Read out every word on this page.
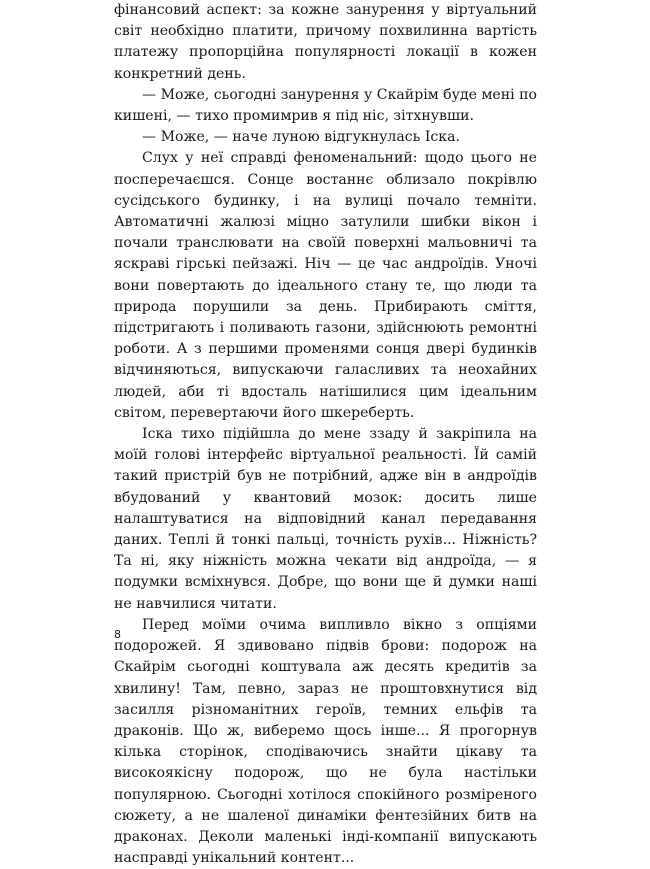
фінансовий аспект: за кожне занурення у віртуальний світ необхідно платити, причому похвилинна вартість платежу пропорційна популярності локації в кожен конкретний день.

— Може, сьогодні занурення у Скайрім буде мені по кишені, — тихо промимрив я під ніс, зітхнувши.

— Може, — наче луною відгукнулась Іска.

Слух у неї справді феноменальний: щодо цього не посперечаєшся. Сонце востаннє облизало покрівлю сусідського будинку, і на вулиці почало темніти. Автоматичні жалюзі міцно затулили шибки вікон і почали транслювати на своїй поверхні мальовничі та яскраві гірські пейзажі. Ніч — це час андроїдів. Уночі вони повертають до ідеального стану те, що люди та природа порушили за день. Прибирають сміття, підстригають і поливають газони, здійснюють ремонтні роботи. А з першими променями сонця двері будинків відчиняються, випускаючи галасливих та неохайних людей, аби ті вдосталь натішилися цим ідеальним світом, перевертаючи його шкереберть.

Іска тихо підійшла до мене ззаду й закріпила на моїй голові інтерфейс віртуальної реальності. Їй самій такий пристрій був не потрібний, адже він в андроїдів вбудований у квантовий мозок: досить лише налаштуватися на відповідний канал передавання даних. Теплі й тонкі пальці, точність рухів... Ніжність? Та ні, яку ніжність можна чекати від андроїда, — я подумки всміхнувся. Добре, що вони ще й думки наші не навчилися читати.

Перед моїми очима випливло вікно з опціями подорожей. Я здивовано підвів брови: подорож на Скайрім сьогодні коштувала аж десять кредитів за хвилину! Там, певно, зараз не проштовхнутися від засилля різноманітних героїв, темних ельфів та драконів. Що ж, виберемо щось інше... Я прогорнув кілька сторінок, сподіваючись знайти цікаву та високоякісну подорож, що не була настільки популярною. Сьогодні хотілося спокійного розміреного сюжету, а не шаленої динаміки фентезійних битв на драконах. Деколи маленькі інді-компанії випускають насправді унікальний контент...

8
